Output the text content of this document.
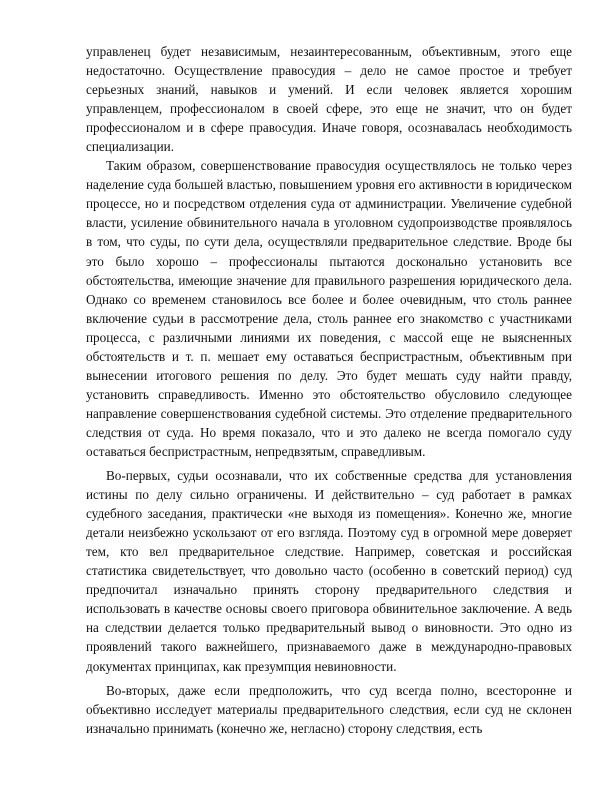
управленец будет независимым, незаинтересованным, объективным, этого еще недостаточно. Осуществление правосудия – дело не самое простое и требует серьезных знаний, навыков и умений. И если человек является хорошим управленцем, профессионалом в своей сфере, это еще не значит, что он будет профессионалом и в сфере правосудия. Иначе говоря, осознавалась необходимость специализации.

Таким образом, совершенствование правосудия осуществлялось не только через наделение суда большей властью, повышением уровня его активности в юридическом процессе, но и посредством отделения суда от администрации. Увеличение судебной власти, усиление обвинительного начала в уголовном судопроизводстве проявлялось в том, что суды, по сути дела, осуществляли предварительное следствие. Вроде бы это было хорошо – профессионалы пытаются досконально установить все обстоятельства, имеющие значение для правильного разрешения юридического дела. Однако со временем становилось все более и более очевидным, что столь раннее включение судьи в рассмотрение дела, столь раннее его знакомство с участниками процесса, с различными линиями их поведения, с массой еще не выясненных обстоятельств и т. п. мешает ему оставаться беспристрастным, объективным при вынесении итогового решения по делу. Это будет мешать суду найти правду, установить справедливость. Именно это обстоятельство обусловило следующее направление совершенствования судебной системы. Это отделение предварительного следствия от суда. Но время показало, что и это далеко не всегда помогало суду оставаться беспристрастным, непредвзятым, справедливым.

Во-первых, судьи осознавали, что их собственные средства для установления истины по делу сильно ограничены. И действительно – суд работает в рамках судебного заседания, практически «не выходя из помещения». Конечно же, многие детали неизбежно ускользают от его взгляда. Поэтому суд в огромной мере доверяет тем, кто вел предварительное следствие. Например, советская и российская статистика свидетельствует, что довольно часто (особенно в советский период) суд предпочитал изначально принять сторону предварительного следствия и использовать в качестве основы своего приговора обвинительное заключение. А ведь на следствии делается только предварительный вывод о виновности. Это одно из проявлений такого важнейшего, признаваемого даже в международно-правовых документах принципах, как презумпция невиновности.

Во-вторых, даже если предположить, что суд всегда полно, всесторонне и объективно исследует материалы предварительного следствия, если суд не склонен изначально принимать (конечно же, негласно) сторону следствия, есть
